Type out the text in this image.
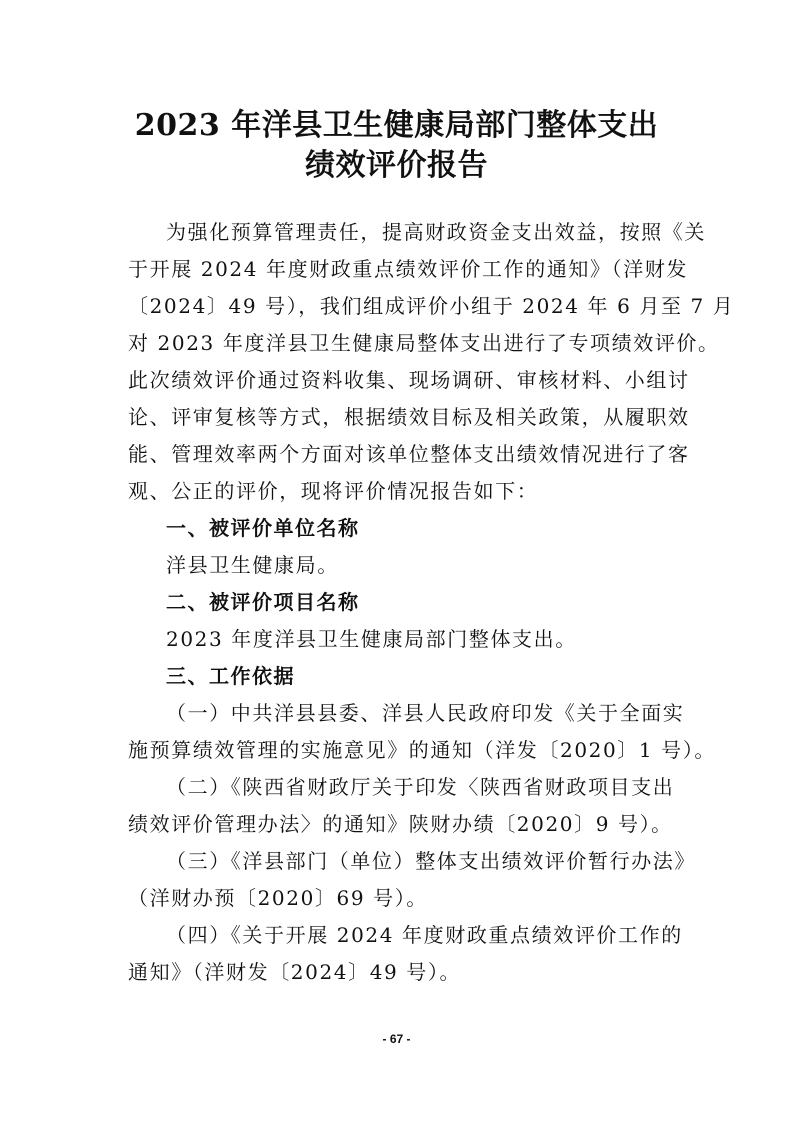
2023 年洋县卫生健康局部门整体支出
绩效评价报告
为强化预算管理责任，提高财政资金支出效益，按照《关
于开展 2024 年度财政重点绩效评价工作的通知》（洋财发
〔2024〕49 号），我们组成评价小组于 2024 年 6 月至 7 月
对 2023 年度洋县卫生健康局整体支出进行了专项绩效评价。
此次绩效评价通过资料收集、现场调研、审核材料、小组讨
论、评审复核等方式，根据绩效目标及相关政策，从履职效
能、管理效率两个方面对该单位整体支出绩效情况进行了客
观、公正的评价，现将评价情况报告如下：
一、被评价单位名称
洋县卫生健康局。
二、被评价项目名称
2023 年度洋县卫生健康局部门整体支出。
三、工作依据
（一）中共洋县县委、洋县人民政府印发《关于全面实
施预算绩效管理的实施意见》的通知（洋发〔2020〕1 号）。
（二）《陕西省财政厅关于印发〈陕西省财政项目支出
绩效评价管理办法〉的通知》陕财办绩〔2020〕9 号）。
（三）《洋县部门（单位）整体支出绩效评价暂行办法》
（洋财办预〔2020〕69 号）。
（四）《关于开展 2024 年度财政重点绩效评价工作的
通知》（洋财发〔2024〕49 号）。
- 67 -
